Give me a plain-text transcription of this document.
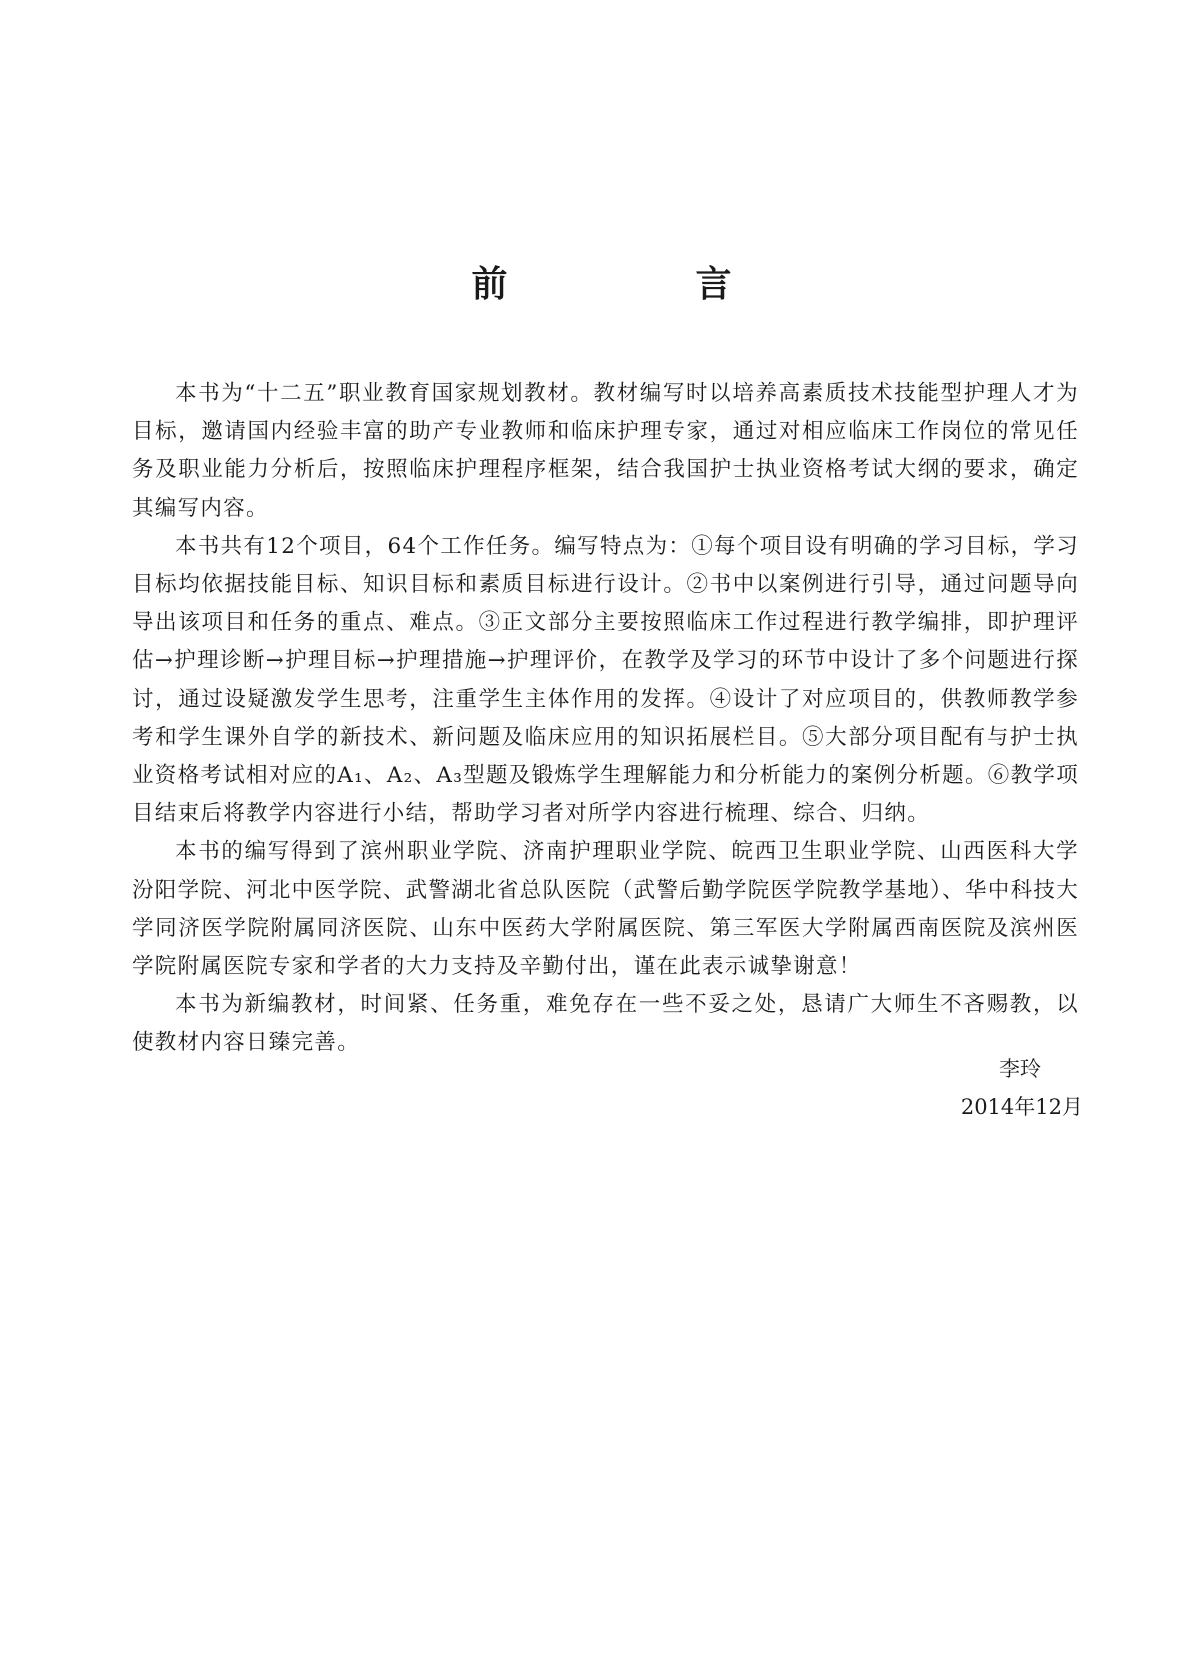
前　言

本书为“十二五”职业教育国家规划教材。教材编写时以培养高素质技术技能型护理人才为目标，邀请国内经验丰富的助产专业教师和临床护理专家，通过对相应临床工作岗位的常见任务及职业能力分析后，按照临床护理程序框架，结合我国护士执业资格考试大纲的要求，确定其编写内容。

本书共有12个项目，64个工作任务。编写特点为：①每个项目设有明确的学习目标，学习目标均依据技能目标、知识目标和素质目标进行设计。②书中以案例进行引导，通过问题导向导出该项目和任务的重点、难点。③正文部分主要按照临床工作过程进行教学编排，即护理评估→护理诊断→护理目标→护理措施→护理评价，在教学及学习的环节中设计了多个问题进行探讨，通过设疑激发学生思考，注重学生主体作用的发挥。④设计了对应项目的，供教师教学参考和学生课外自学的新技术、新问题及临床应用的知识拓展栏目。⑤大部分项目配有与护士执业资格考试相对应的A₁、A₂、A₃型题及锻炼学生理解能力和分析能力的案例分析题。⑥教学项目结束后将教学内容进行小结，帮助学习者对所学内容进行梳理、综合、归纳。

本书的编写得到了滨州职业学院、济南护理职业学院、皖西卫生职业学院、山西医科大学汾阳学院、河北中医学院、武警湖北省总队医院（武警后勤学院医学院教学基地）、华中科技大学同济医学院附属同济医院、山东中医药大学附属医院、第三军医大学附属西南医院及滨州医学院附属医院专家和学者的大力支持及辛勤付出，谨在此表示诚挚谢意！

本书为新编教材，时间紧、任务重，难免存在一些不妥之处，恳请广大师生不吝赐教，以使教材内容日臻完善。

李玲
2014年12月
